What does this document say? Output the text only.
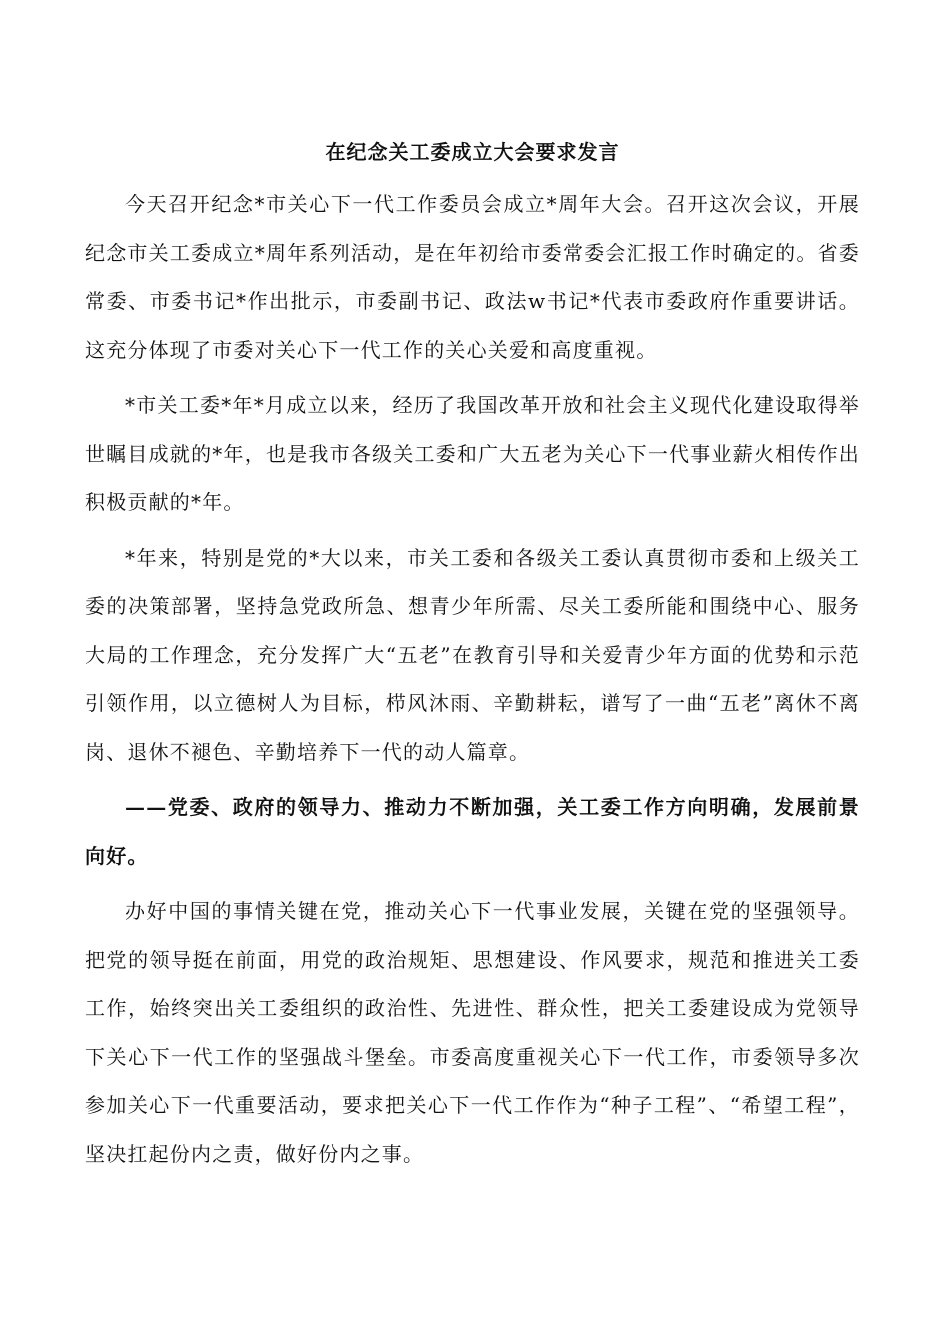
在纪念关工委成立大会要求发言

今天召开纪念*市关心下一代工作委员会成立*周年大会。召开这次会议，开展纪念市关工委成立*周年系列活动，是在年初给市委常委会汇报工作时确定的。省委常委、市委书记*作出批示，市委副书记、政法w书记*代表市委政府作重要讲话。这充分体现了市委对关心下一代工作的关心关爱和高度重视。

*市关工委*年*月成立以来，经历了我国改革开放和社会主义现代化建设取得举世瞩目成就的*年，也是我市各级关工委和广大五老为关心下一代事业薪火相传作出积极贡献的*年。

*年来，特别是党的*大以来，市关工委和各级关工委认真贯彻市委和上级关工委的决策部署，坚持急党政所急、想青少年所需、尽关工委所能和围绕中心、服务大局的工作理念，充分发挥广大“五老”在教育引导和关爱青少年方面的优势和示范引领作用，以立德树人为目标，栉风沐雨、辛勤耕耘，谱写了一曲“五老”离休不离岗、退休不褪色、辛勤培养下一代的动人篇章。

——党委、政府的领导力、推动力不断加强，关工委工作方向明确，发展前景向好。

办好中国的事情关键在党，推动关心下一代事业发展，关键在党的坚强领导。把党的领导挺在前面，用党的政治规矩、思想建设、作风要求，规范和推进关工委工作，始终突出关工委组织的政治性、先进性、群众性，把关工委建设成为党领导下关心下一代工作的坚强战斗堡垒。市委高度重视关心下一代工作，市委领导多次参加关心下一代重要活动，要求把关心下一代工作作为“种子工程”、“希望工程”，坚决扛起份内之责，做好份内之事。
